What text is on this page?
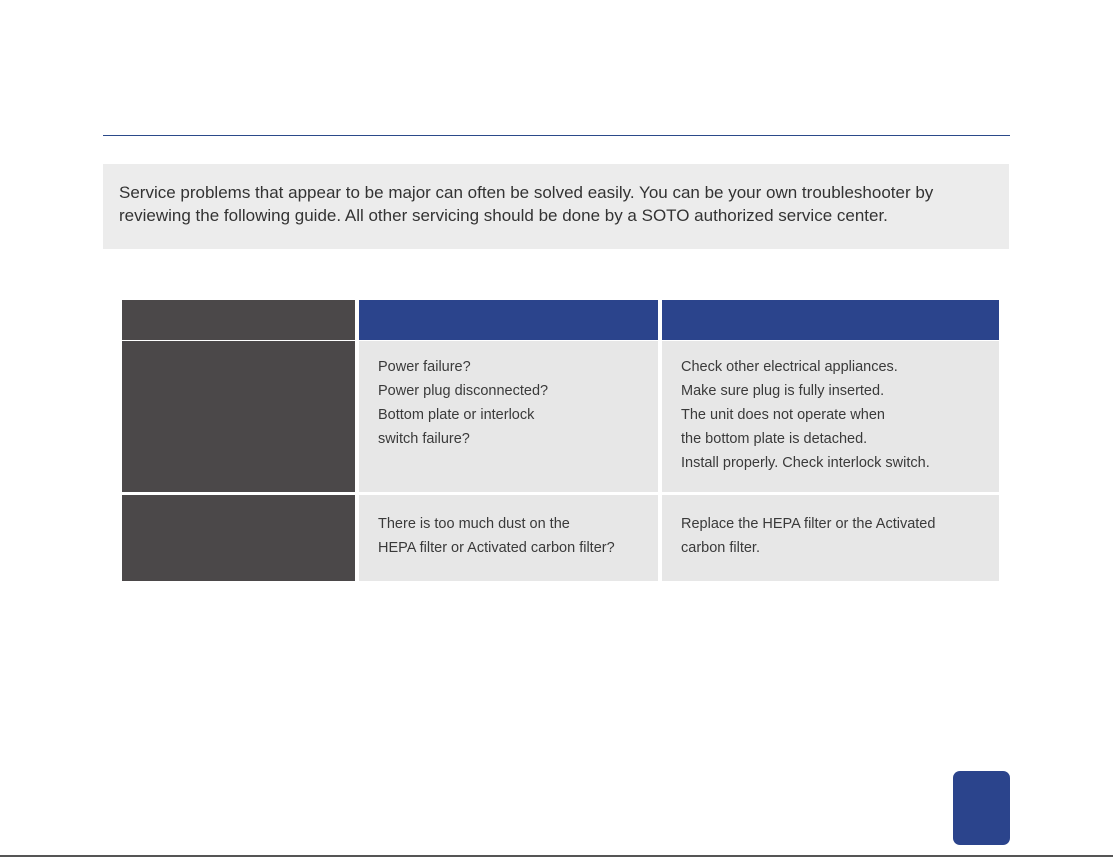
Service problems that appear to be major can often be solved easily. You can be your own troubleshooter by
reviewing the following guide. All other servicing should be done by a SOTO authorized service center.
Power failure?
Power plug disconnected?
Bottom plate or interlock
switch failure?
Check other electrical appliances.
Make sure plug is fully inserted.
The unit does not operate when
the bottom plate is detached.
Install properly. Check interlock switch.
There is too much dust on the
HEPA filter or Activated carbon filter?
Replace the HEPA filter or the Activated
carbon filter.
